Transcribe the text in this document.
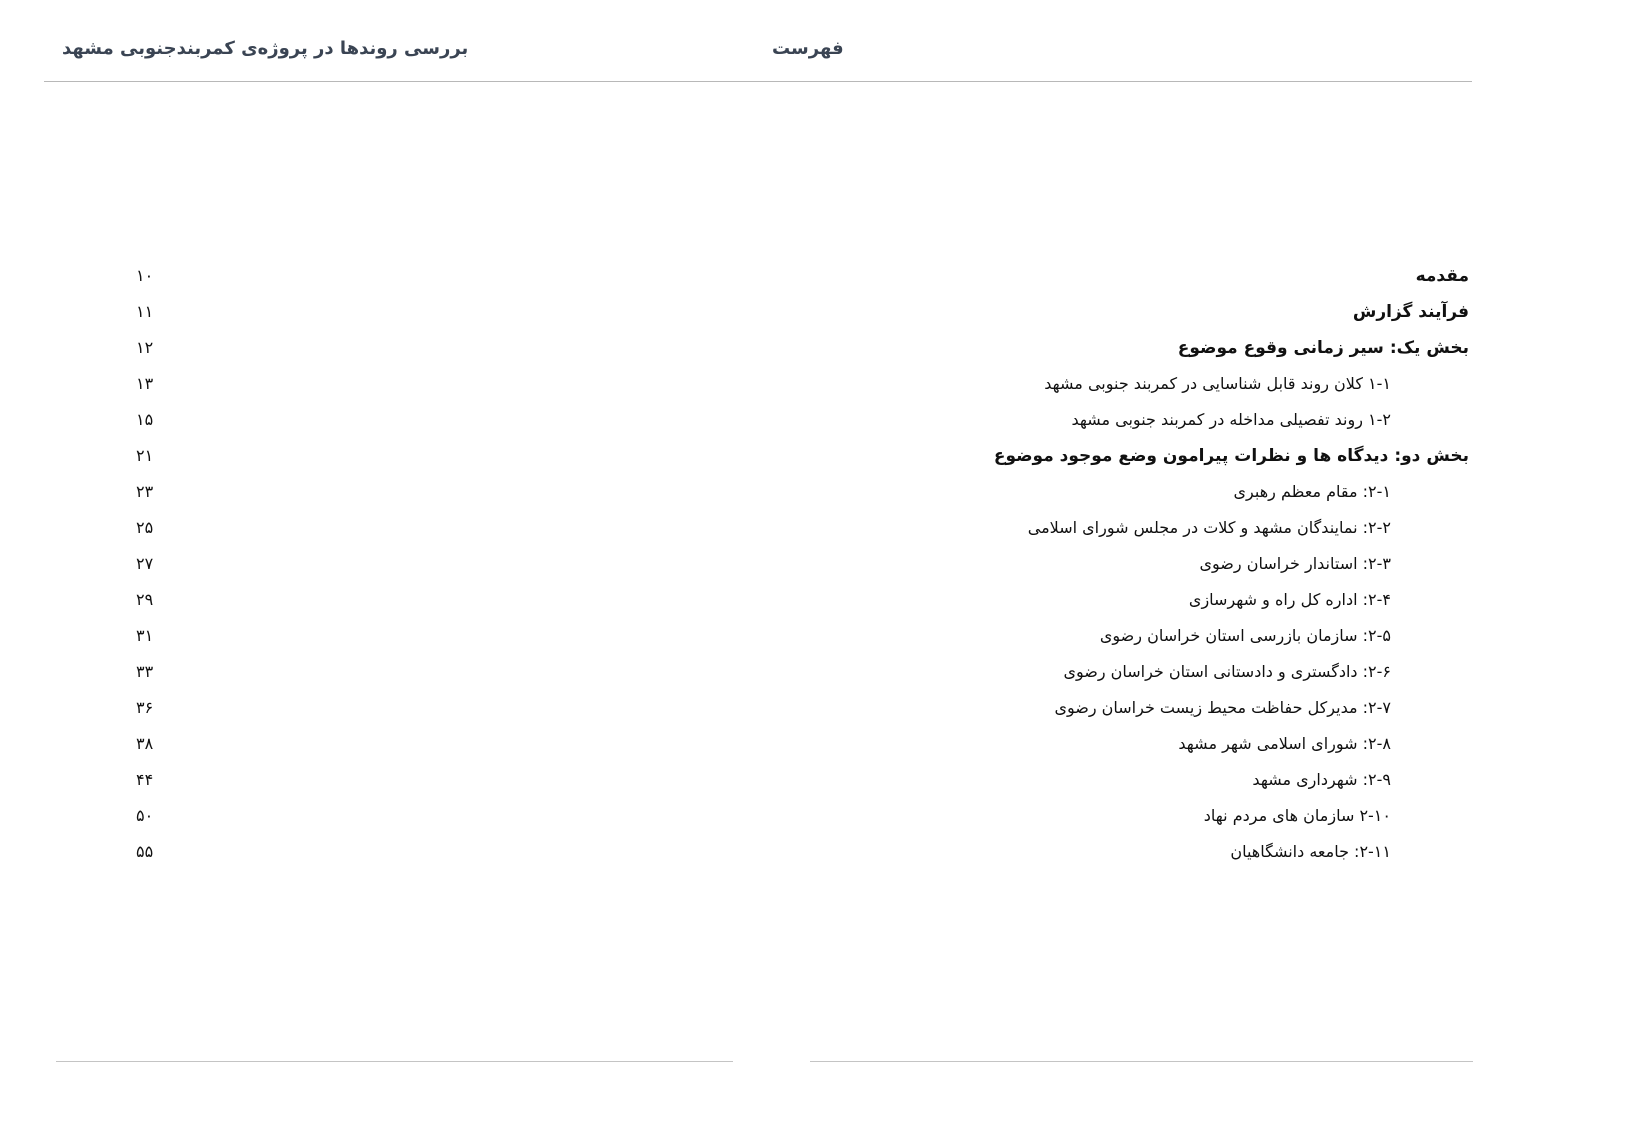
بررسی روندها در پروژه‌ی کمربندجنوبی مشهد	فهرست
مقدمه
۱۰
فرآیند گزارش
۱۱
بخش یک: سیر زمانی وقوع موضوع
۱۲
۱-۱ کلان روند قابل شناسایی در کمربند جنوبی مشهد
۱۳
۱-۲ روند تفصیلی مداخله در کمربند جنوبی مشهد
۱۵
بخش دو: دیدگاه ها و نظرات پیرامون وضع موجود موضوع
۲۱
۲-۱: مقام معظم رهبری
۲۳
۲-۲: نمایندگان مشهد و کلات در مجلس شورای اسلامی
۲۵
۲-۳: استاندار خراسان رضوی
۲۷
۲-۴: اداره کل راه و شهرسازی
۲۹
۲-۵: سازمان بازرسی استان خراسان رضوی
۳۱
۲-۶: دادگستری و دادستانی استان خراسان رضوی
۳۳
۲-۷: مدیرکل حفاظت محیط زیست خراسان رضوی
۳۶
۲-۸: شورای اسلامی شهر مشهد
۳۸
۲-۹: شهرداری مشهد
۴۴
۲-۱۰ سازمان های مردم نهاد
۵۰
۲-۱۱: جامعه دانشگاهیان
۵۵
